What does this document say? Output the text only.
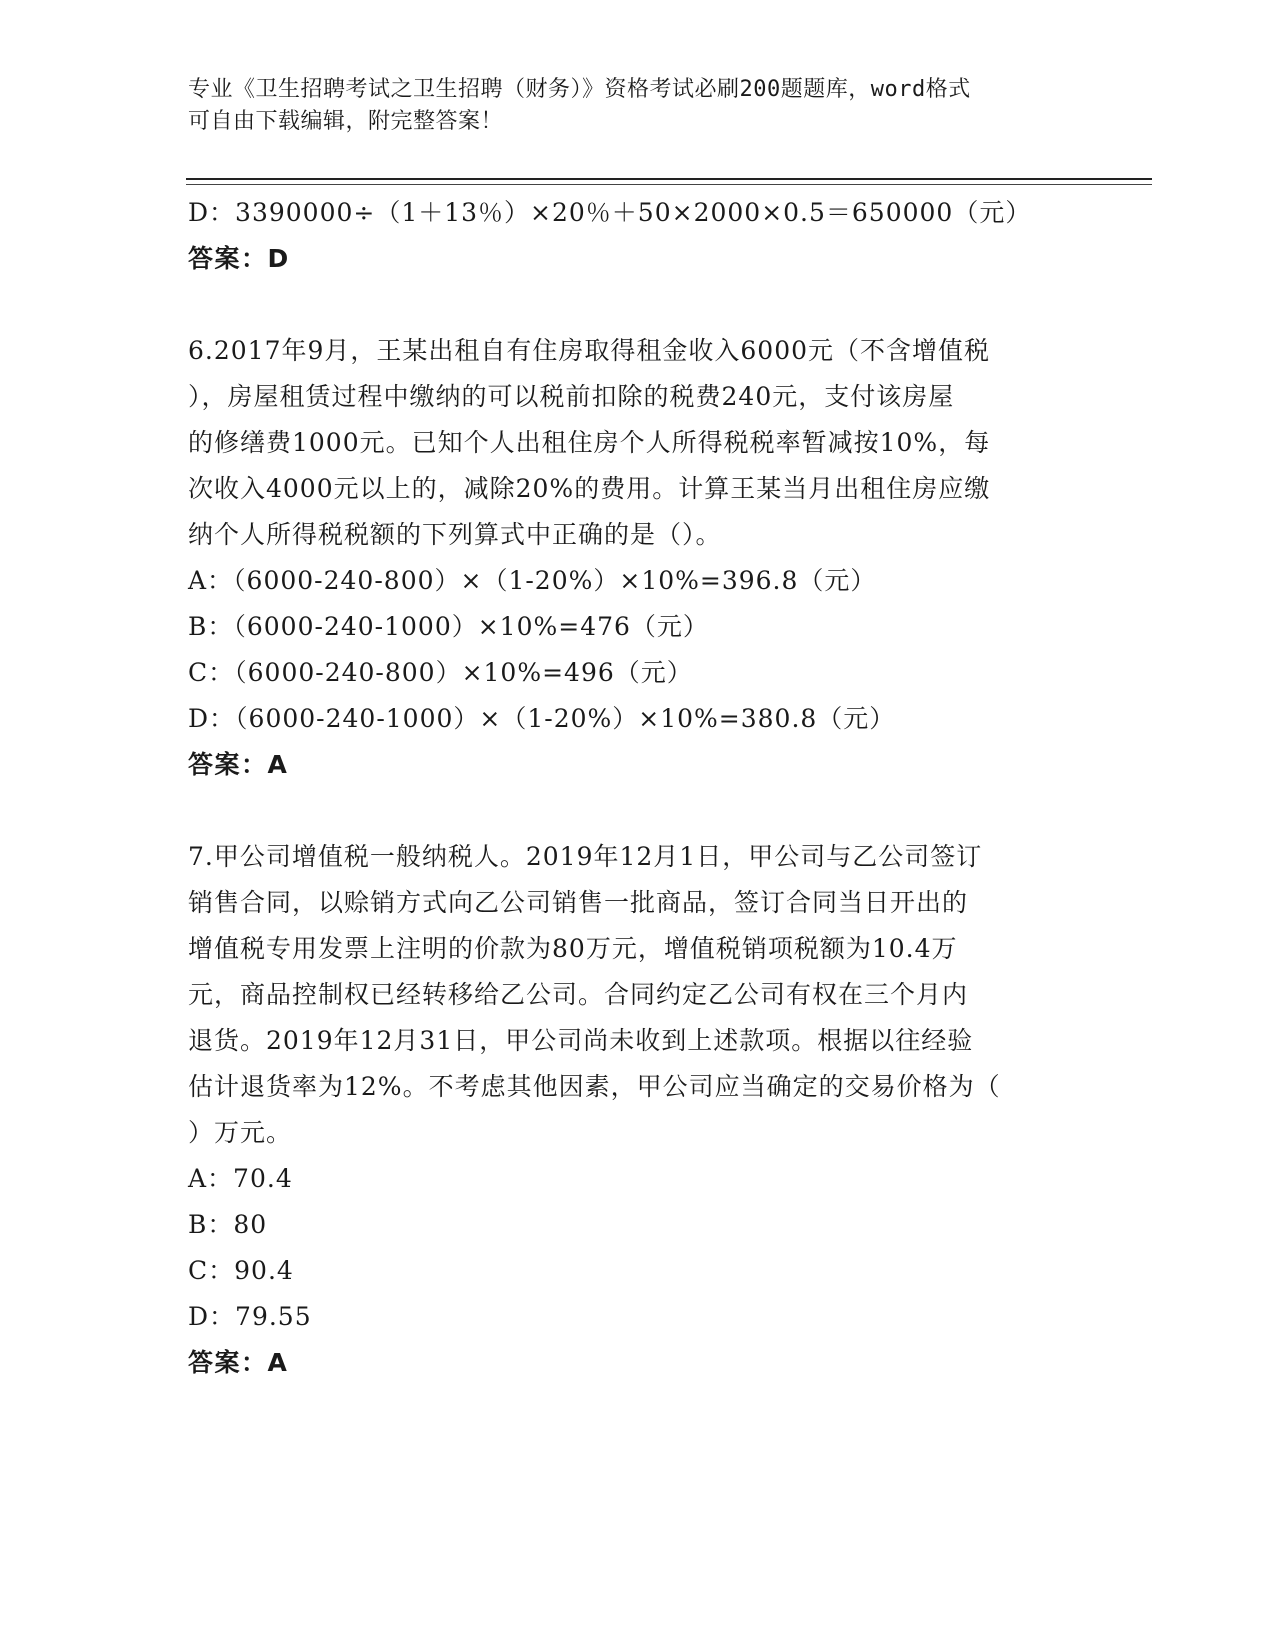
专业《卫生招聘考试之卫生招聘（财务）》资格考试必刷200题题库，word格式
可自由下载编辑，附完整答案！
D：3390000÷（1＋13％）×20％＋50×2000×0.5＝650000（元）
答案：D
6.2017年9月，王某出租自有住房取得租金收入6000元（不含增值税
），房屋租赁过程中缴纳的可以税前扣除的税费240元，支付该房屋
的修缮费1000元。已知个人出租住房个人所得税税率暂减按10%，每
次收入4000元以上的，减除20%的费用。计算王某当月出租住房应缴
纳个人所得税税额的下列算式中正确的是（）。
A：（6000-240-800）×（1-20%）×10%=396.8（元）
B：（6000-240-1000）×10%=476（元）
C：（6000-240-800）×10%=496（元）
D：（6000-240-1000）×（1-20%）×10%=380.8（元）
答案：A
7.甲公司增值税一般纳税人。2019年12月1日，甲公司与乙公司签订
销售合同，以赊销方式向乙公司销售一批商品，签订合同当日开出的
增值税专用发票上注明的价款为80万元，增值税销项税额为10.4万
元，商品控制权已经转移给乙公司。合同约定乙公司有权在三个月内
退货。2019年12月31日，甲公司尚未收到上述款项。根据以往经验
估计退货率为12%。不考虑其他因素，甲公司应当确定的交易价格为（
）万元。
A：70.4
B：80
C：90.4
D：79.55
答案：A
